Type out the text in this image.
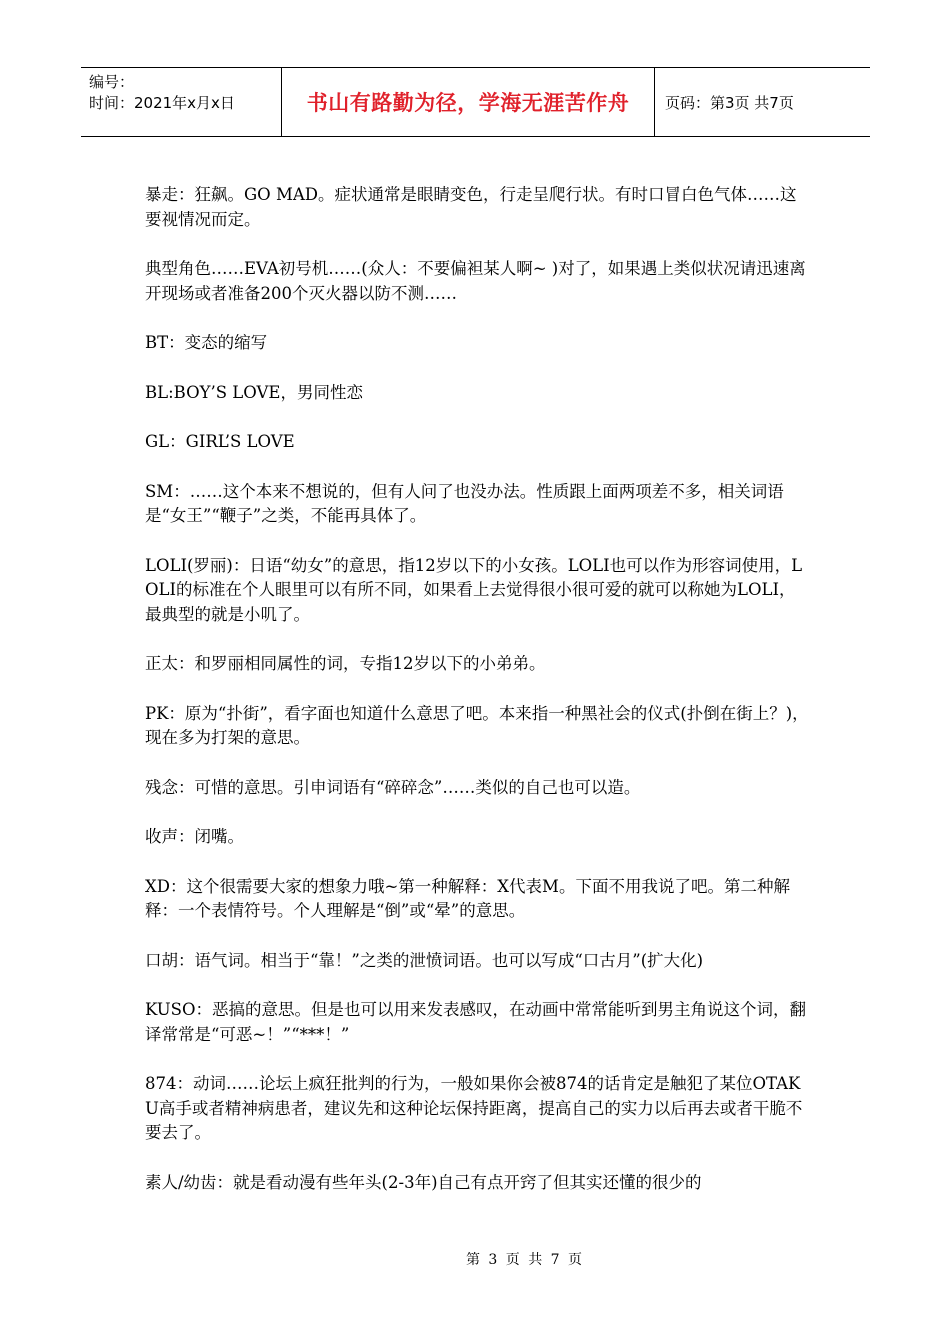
编号：
时间：2021年x月x日	书山有路勤为径，学海无涯苦作舟	页码：第3页 共7页

暴走：狂飙。GO MAD。症状通常是眼睛变色，行走呈爬行状。有时口冒白色气体……这要视情况而定。

典型角色……EVA初号机……(众人：不要偏袒某人啊~ )对了，如果遇上类似状况请迅速离开现场或者准备200个灭火器以防不测……

BT：变态的缩写

BL:BOY’S LOVE，男同性恋

GL：GIRL’S LOVE

SM：……这个本来不想说的，但有人问了也没办法。性质跟上面两项差不多，相关词语是“女王”“鞭子”之类，不能再具体了。

LOLI(罗丽)：日语“幼女”的意思，指12岁以下的小女孩。LOLI也可以作为形容词使用，LOLI的标准在个人眼里可以有所不同，如果看上去觉得很小很可爱的就可以称她为LOLI，最典型的就是小叽了。

正太：和罗丽相同属性的词，专指12岁以下的小弟弟。

PK：原为“扑街”，看字面也知道什么意思了吧。本来指一种黑社会的仪式(扑倒在街上？)，现在多为打架的意思。

残念：可惜的意思。引申词语有“碎碎念”……类似的自己也可以造。

收声：闭嘴。

XD：这个很需要大家的想象力哦~第一种解释：X代表M。下面不用我说了吧。第二种解释：一个表情符号。个人理解是“倒”或“晕”的意思。

口胡：语气词。相当于“靠！”之类的泄愤词语。也可以写成“口古月”(扩大化)

KUSO：恶搞的意思。但是也可以用来发表感叹，在动画中常常能听到男主角说这个词，翻译常常是“可恶~！”“***！”

874：动词……论坛上疯狂批判的行为，一般如果你会被874的话肯定是触犯了某位OTAKU高手或者精神病患者，建议先和这种论坛保持距离，提高自己的实力以后再去或者干脆不要去了。

素人/幼齿：就是看动漫有些年头(2-3年)自己有点开窍了但其实还懂的很少的

第 3 页 共 7 页
